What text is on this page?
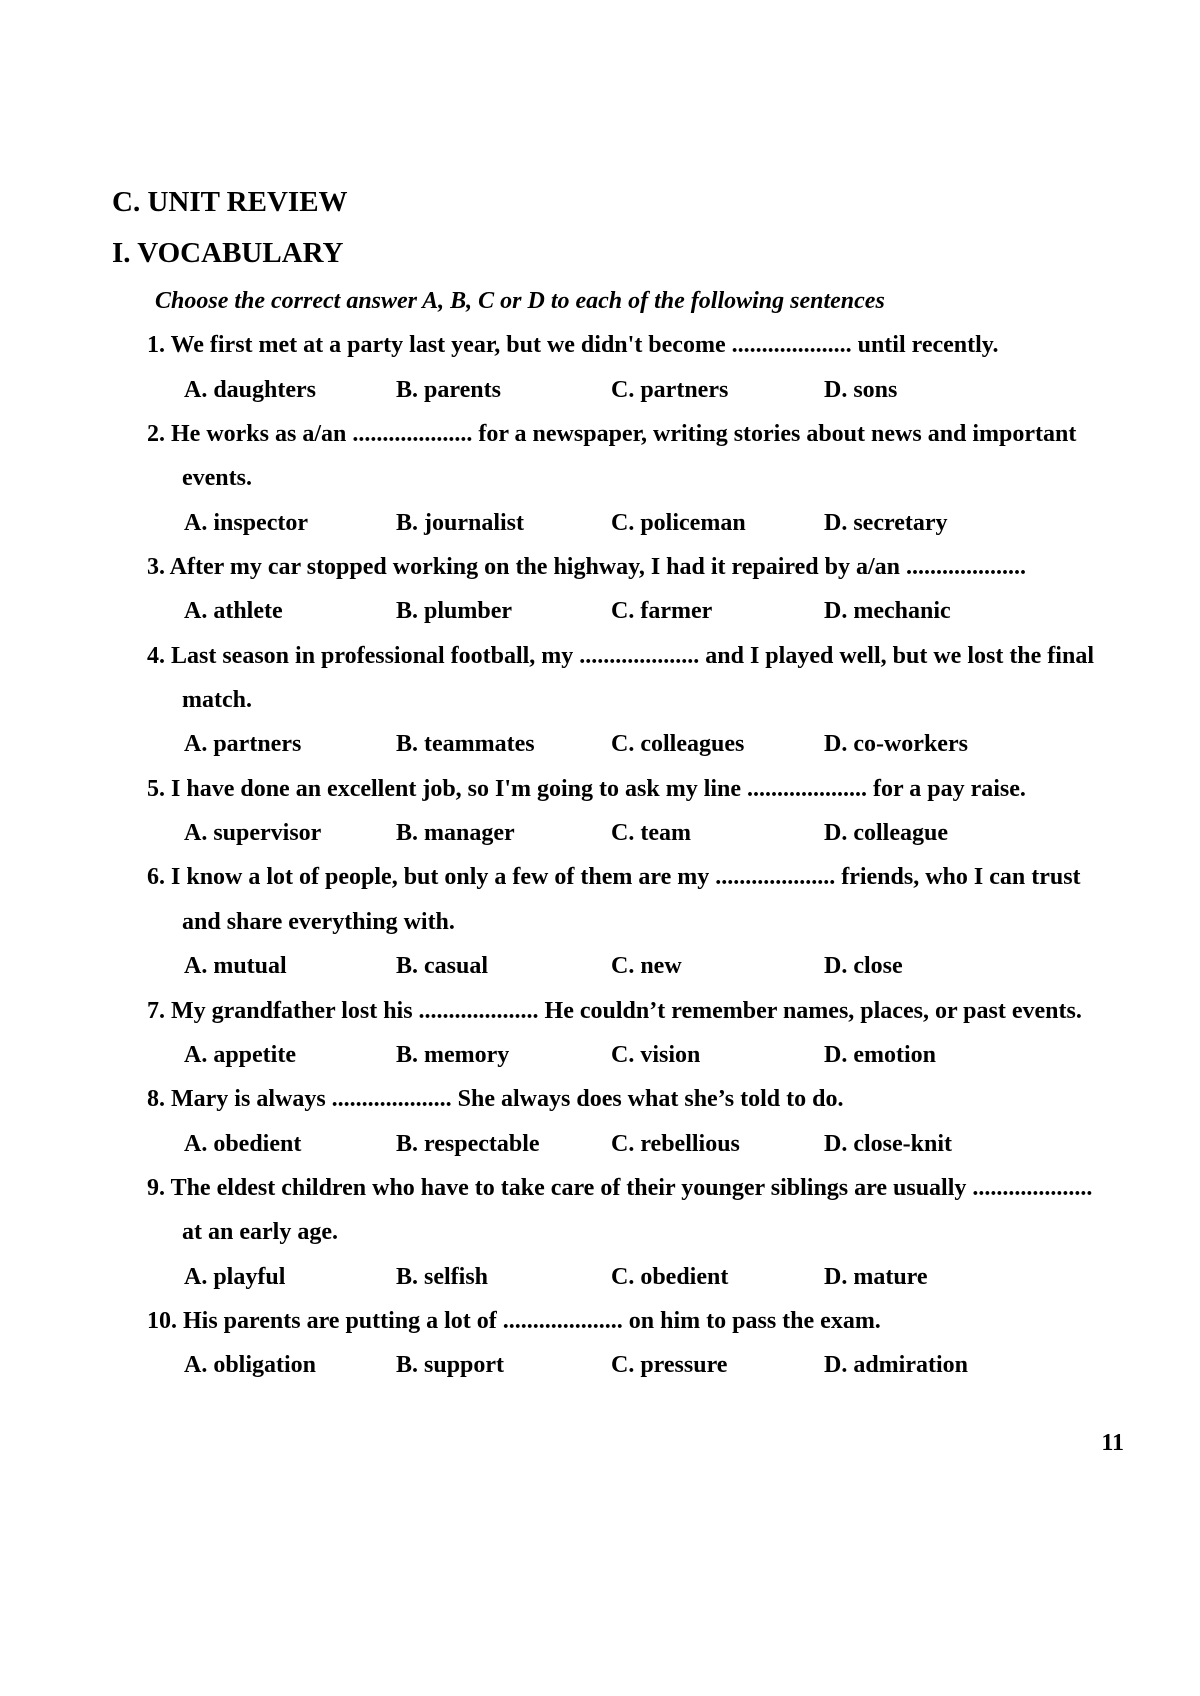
C. UNIT REVIEW
I. VOCABULARY
Choose the correct answer A, B, C or D to each of the following sentences
1. We first met at a party last year, but we didn't become .................... until recently.
A. daughters	B. parents	C. partners	D. sons
2. He works as a/an .................... for a newspaper, writing stories about news and important
events.
A. inspector	B. journalist	C. policeman	D. secretary
3. After my car stopped working on the highway, I had it repaired by a/an ....................
A. athlete	B. plumber	C. farmer	D. mechanic
4. Last season in professional football, my .................... and I played well, but we lost the final
match.
A. partners	B. teammates	C. colleagues	D. co-workers
5. I have done an excellent job, so I'm going to ask my line .................... for a pay raise.
A. supervisor	B. manager	C. team	D. colleague
6. I know a lot of people, but only a few of them are my .................... friends, who I can trust
and share everything with.
A. mutual	B. casual	C. new	D. close
7. My grandfather lost his .................... He couldn’t remember names, places, or past events.
A. appetite	B. memory	C. vision	D. emotion
8. Mary is always .................... She always does what she’s told to do.
A. obedient	B. respectable	C. rebellious	D. close-knit
9. The eldest children who have to take care of their younger siblings are usually ....................
at an early age.
A. playful	B. selfish	C. obedient	D. mature
10. His parents are putting a lot of .................... on him to pass the exam.
A. obligation	B. support	C. pressure	D. admiration
11
